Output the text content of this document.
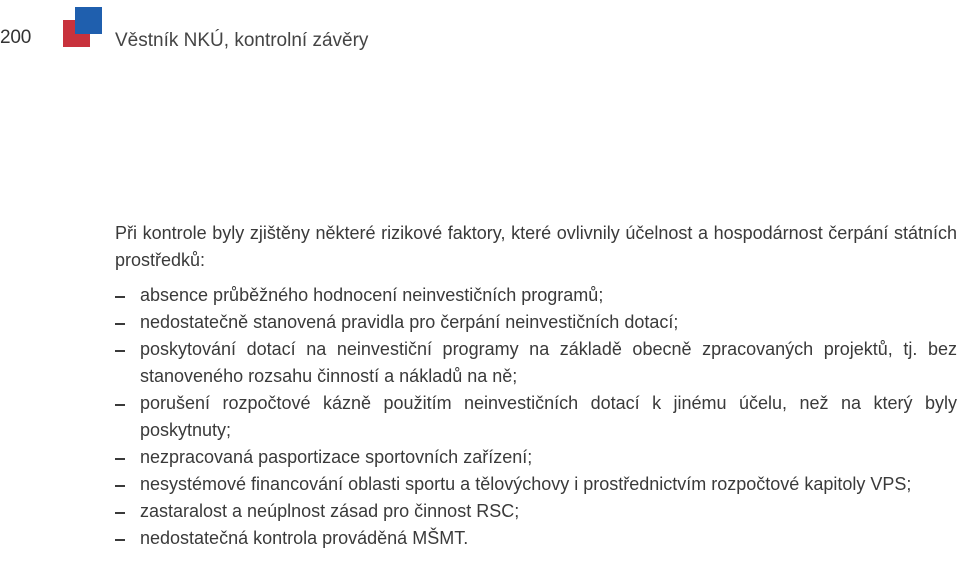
200	Věstník NKÚ, kontrolní závěry

Při kontrole byly zjištěny některé rizikové faktory, které ovlivnily účelnost a hospodárnost čerpání státních prostředků:

absence průběžného hodnocení neinvestičních programů;
nedostatečně stanovená pravidla pro čerpání neinvestičních dotací;
poskytování dotací na neinvestiční programy na základě obecně zpracovaných projektů, tj. bez stanoveného rozsahu činností a nákladů na ně;
porušení rozpočtové kázně použitím neinvestičních dotací k jinému účelu, než na který byly poskytnuty;
nezpracovaná pasportizace sportovních zařízení;
nesystémové financování oblasti sportu a tělovýchovy i prostřednictvím rozpočtové kapitoly VPS;
zastaralost a neúplnost zásad pro činnost RSC;
nedostatečná kontrola prováděná MŠMT.
